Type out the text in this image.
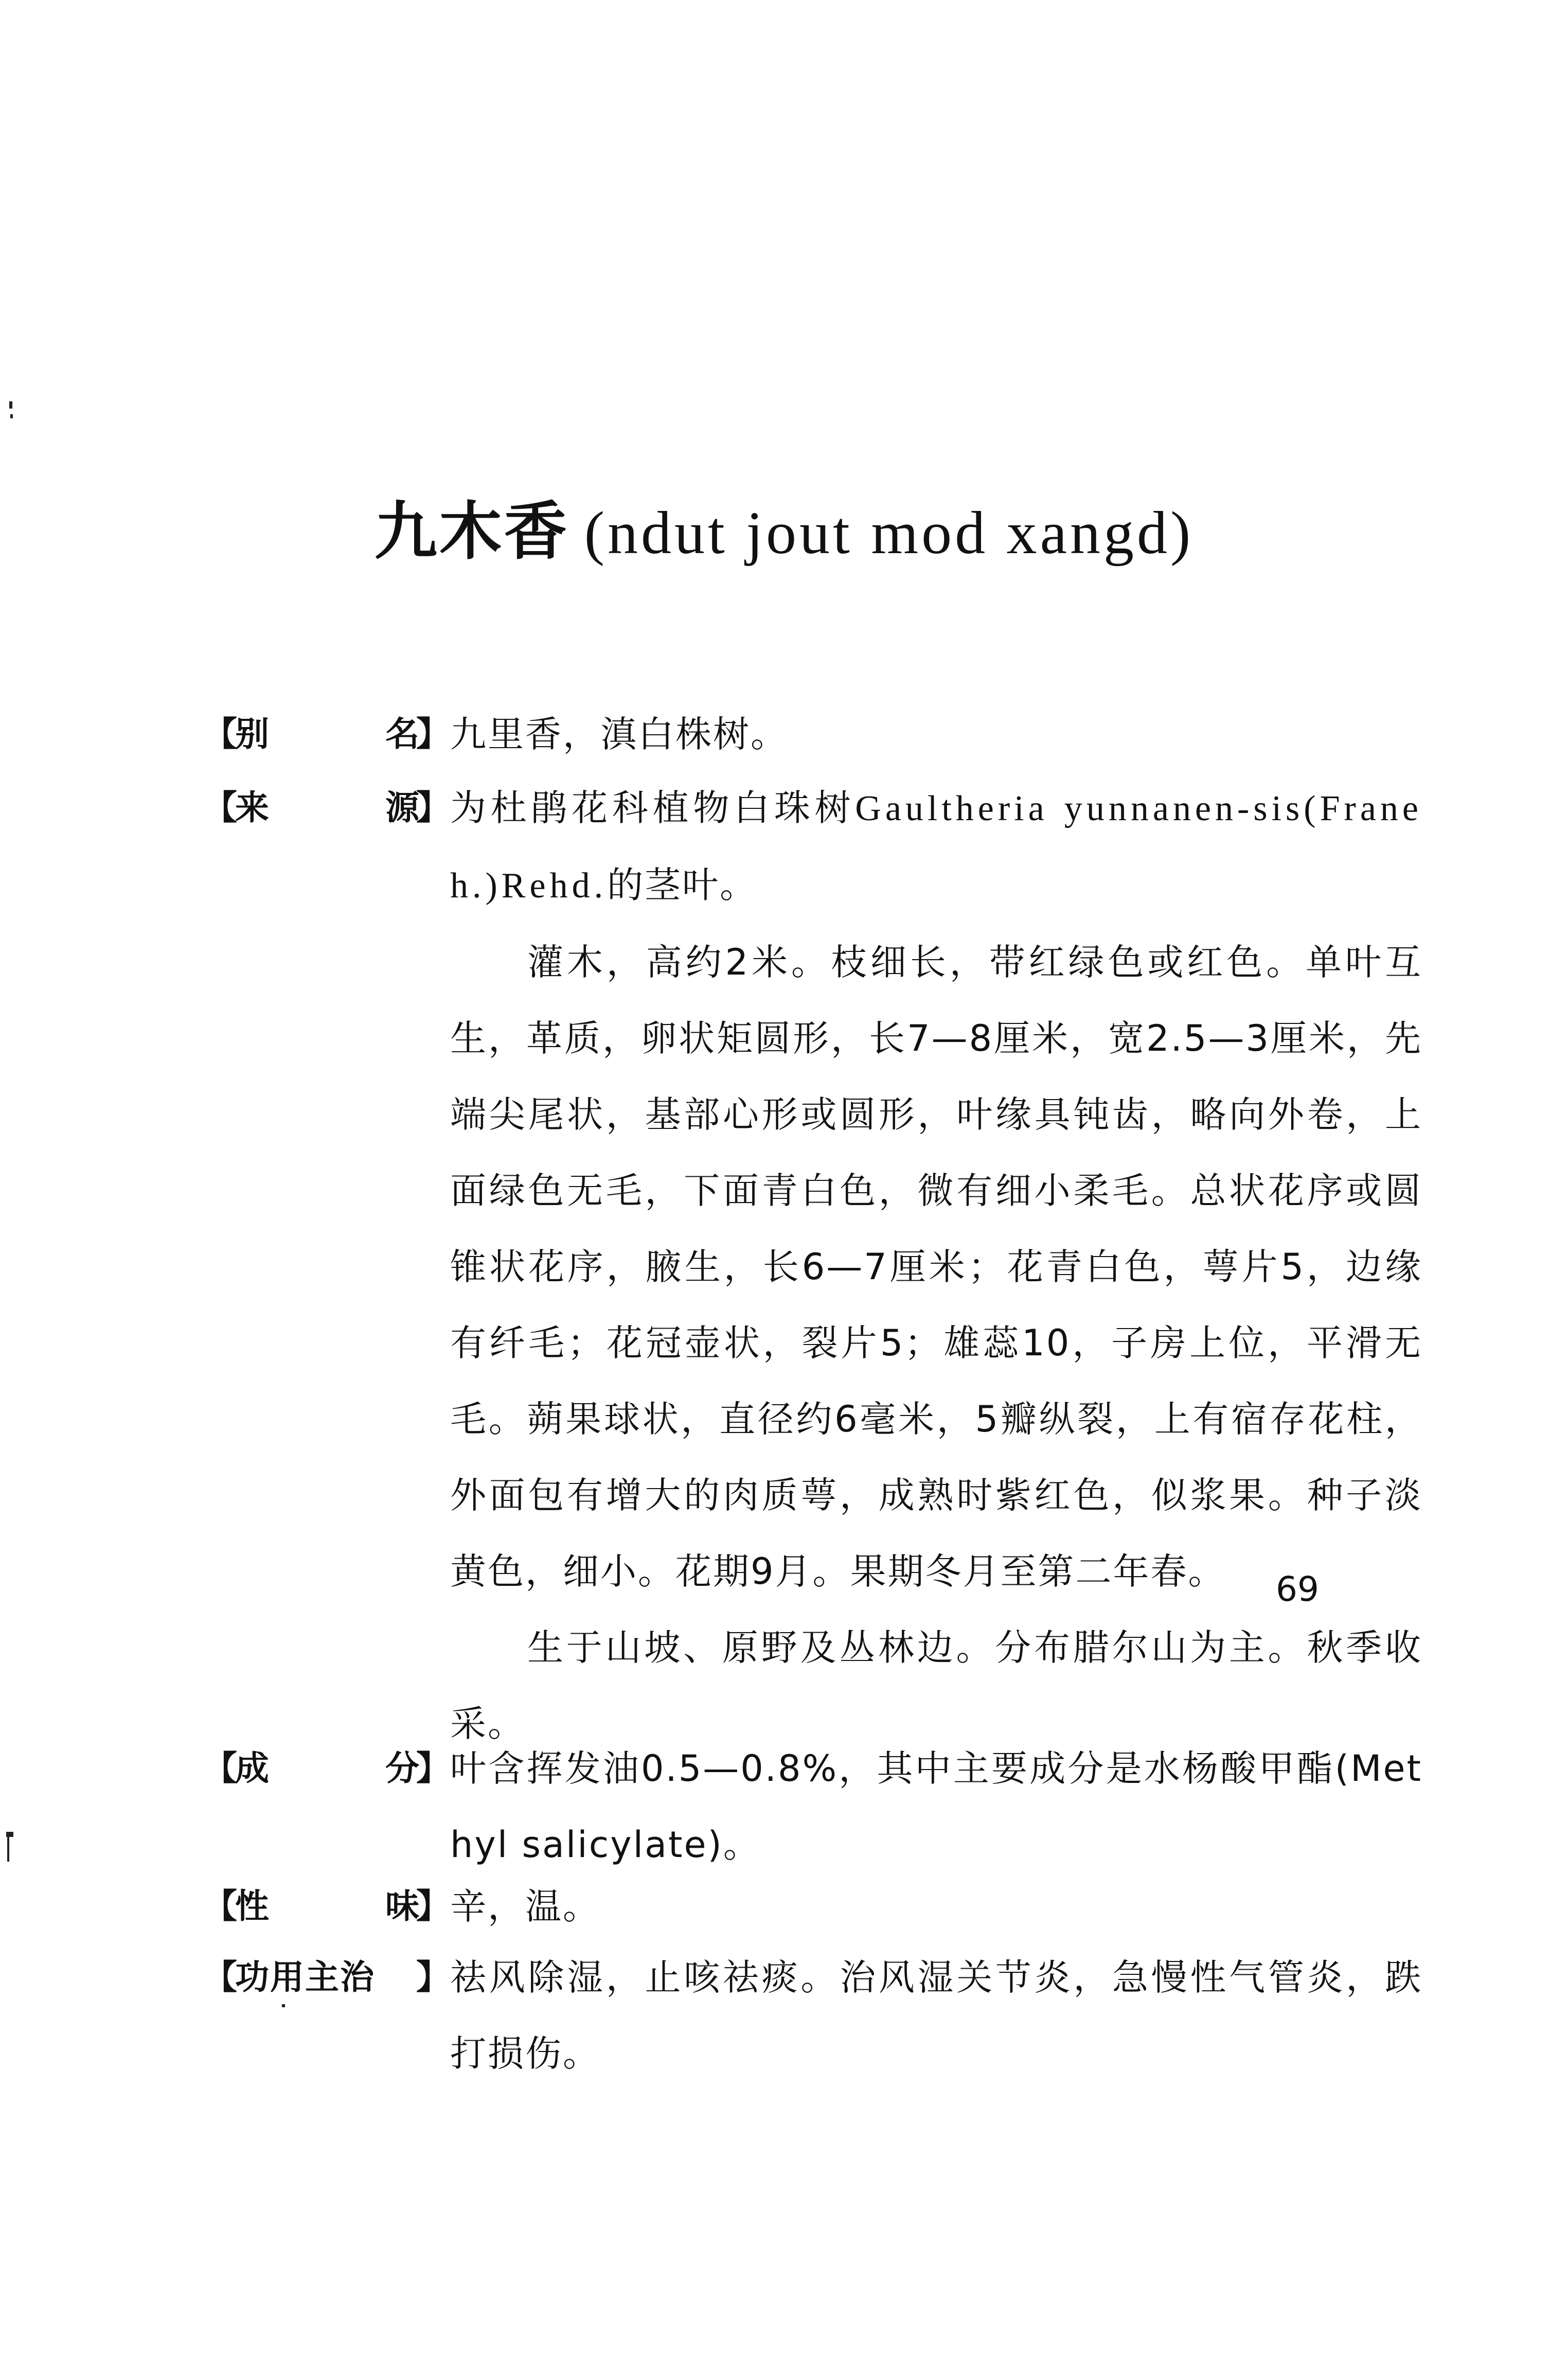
九木香 (ndut jout mod xangd)
【
别	名
】 九里香，滇白株树。
【
来	源
】 为杜鹃花科植物白珠树Gaultheria yunnanen-sis(Franeh.)Rehd.的茎叶。
灌木，高约2米。枝细长，带红绿色或红色。单叶互生，革质，卵状矩圆形，长7—8厘米，宽2.5—3厘米，先端尖尾状，基部心形或圆形，叶缘具钝齿，略向外卷，上面绿色无毛，下面青白色，微有细小柔毛。总状花序或圆锥状花序，腋生，长6—7厘米；花青白色，萼片5，边缘有纤毛；花冠壶状，裂片5；雄蕊10，子房上位，平滑无毛。蒴果球状，直径约6毫米，5瓣纵裂，上有宿存花柱，外面包有增大的肉质萼，成熟时紫红色，似浆果。种子淡黄色，细小。花期9月。果期冬月至第二年春。
生于山坡、原野及丛林边。分布腊尔山为主。秋季收采。
【
成	分
】 叶含挥发油0.5—0.8%，其中主要成分是水杨酸甲酯(Methyl salicylate)。
【
性	味
】 辛，温。
【
功用主治 】 祛风除湿，止咳祛痰。治风湿关节炎，急慢性气管炎，跌打损伤。
69
